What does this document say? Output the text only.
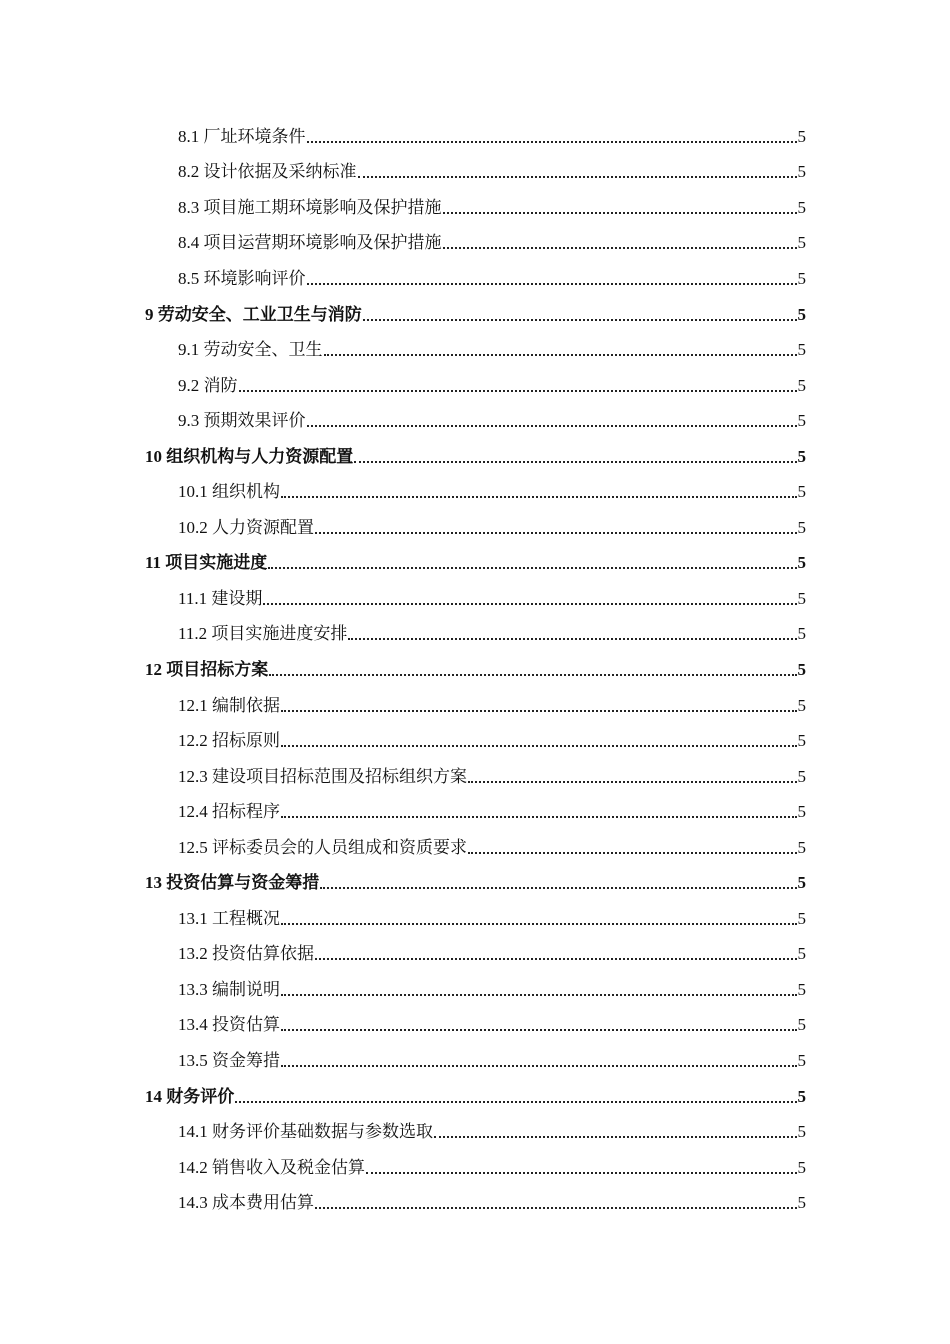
8.1 厂址环境条件	5
8.2 设计依据及采纳标准	5
8.3 项目施工期环境影响及保护措施	5
8.4 项目运营期环境影响及保护措施	5
8.5 环境影响评价	5
9 劳动安全、工业卫生与消防	5
9.1 劳动安全、卫生	5
9.2 消防	5
9.3 预期效果评价	5
10 组织机构与人力资源配置	5
10.1 组织机构	5
10.2 人力资源配置	5
11 项目实施进度	5
11.1 建设期	5
11.2 项目实施进度安排	5
12 项目招标方案	5
12.1 编制依据	5
12.2 招标原则	5
12.3 建设项目招标范围及招标组织方案	5
12.4 招标程序	5
12.5 评标委员会的人员组成和资质要求	5
13 投资估算与资金筹措	5
13.1 工程概况	5
13.2 投资估算依据	5
13.3 编制说明	5
13.4 投资估算	5
13.5 资金筹措	5
14 财务评价	5
14.1 财务评价基础数据与参数选取	5
14.2 销售收入及税金估算	5
14.3 成本费用估算	5
